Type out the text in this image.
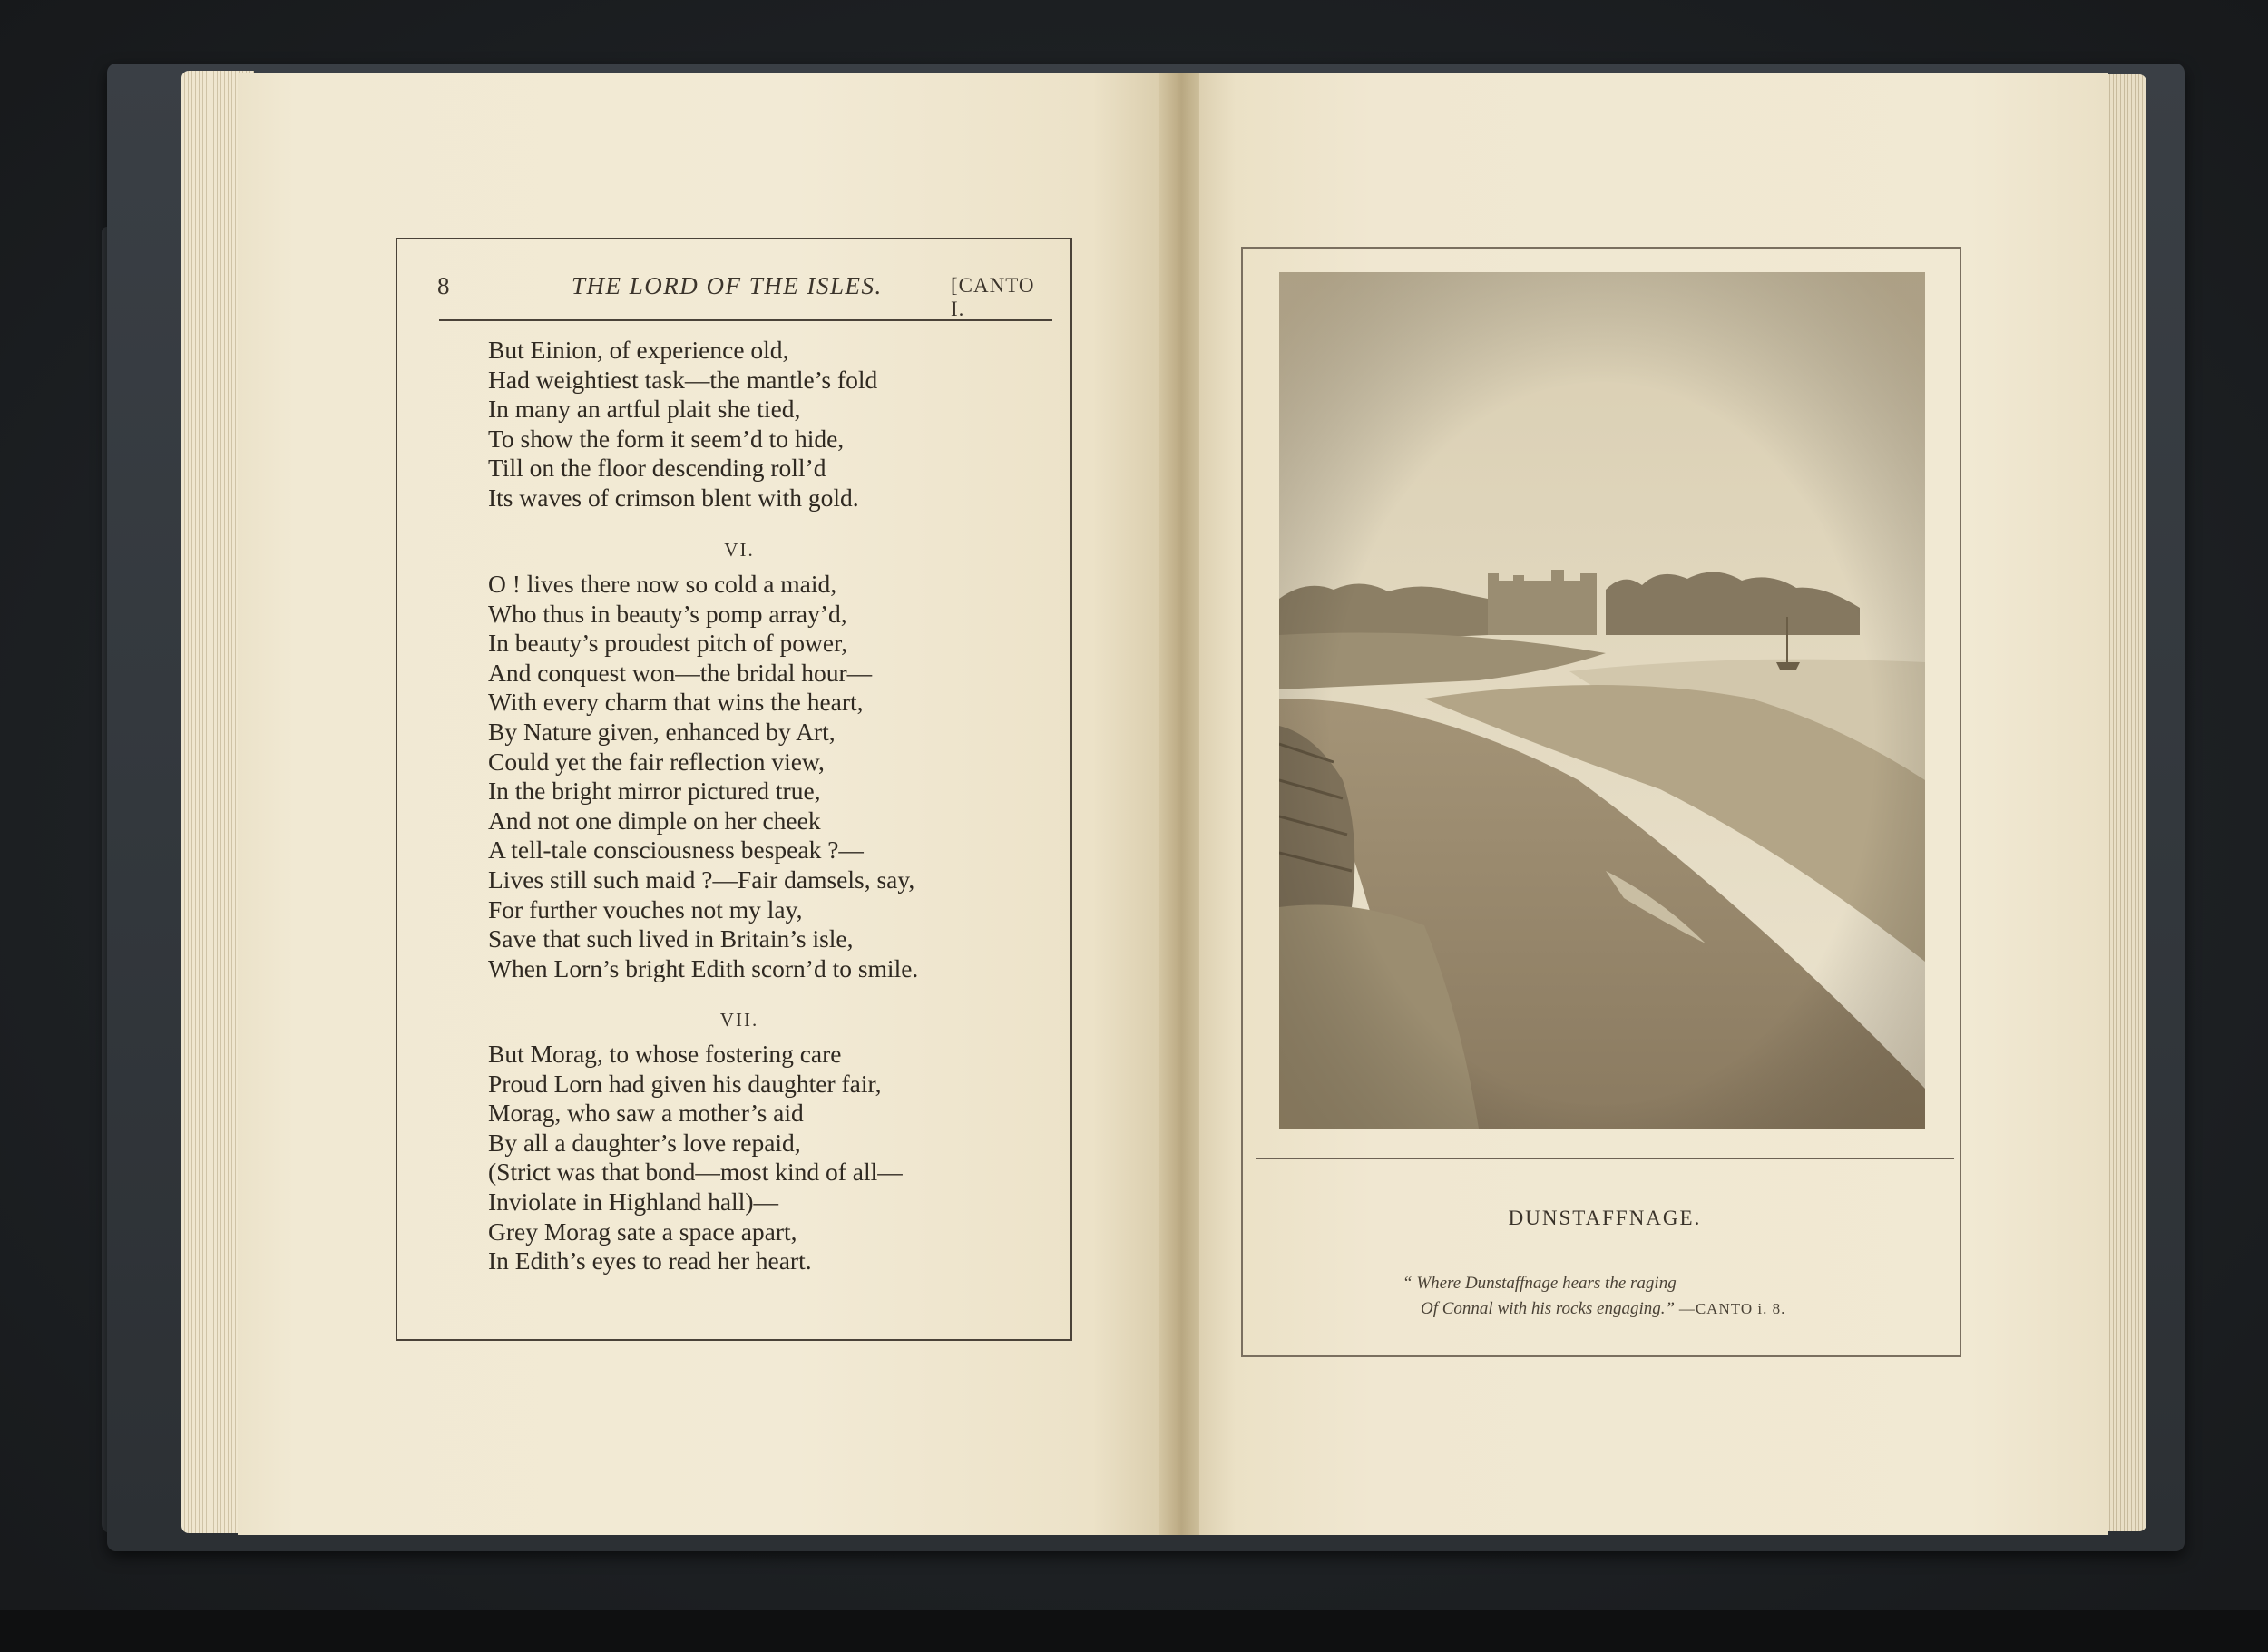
8	THE LORD OF THE ISLES.	[CANTO I.
But Einion, of experience old,
Had weightiest task—the mantle’s fold
In many an artful plait she tied,
To show the form it seem’d to hide,
Till on the floor descending roll’d
Its waves of crimson blent with gold.
VI.
O ! lives there now so cold a maid,
Who thus in beauty’s pomp array’d,
In beauty’s proudest pitch of power,
And conquest won—the bridal hour—
With every charm that wins the heart,
By Nature given, enhanced by Art,
Could yet the fair reflection view,
In the bright mirror pictured true,
And not one dimple on her cheek
A tell-tale consciousness bespeak ?—
Lives still such maid ?—Fair damsels, say,
For further vouches not my lay,
Save that such lived in Britain’s isle,
When Lorn’s bright Edith scorn’d to smile.
VII.
But Morag, to whose fostering care
Proud Lorn had given his daughter fair,
Morag, who saw a mother’s aid
By all a daughter’s love repaid,
(Strict was that bond—most kind of all—
Inviolate in Highland hall)—
Grey Morag sate a space apart,
In Edith’s eyes to read her heart.
DUNSTAFFNAGE.
“ Where Dunstaffnage hears the raging
Of Connal with his rocks engaging.” —CANTO i. 8.
